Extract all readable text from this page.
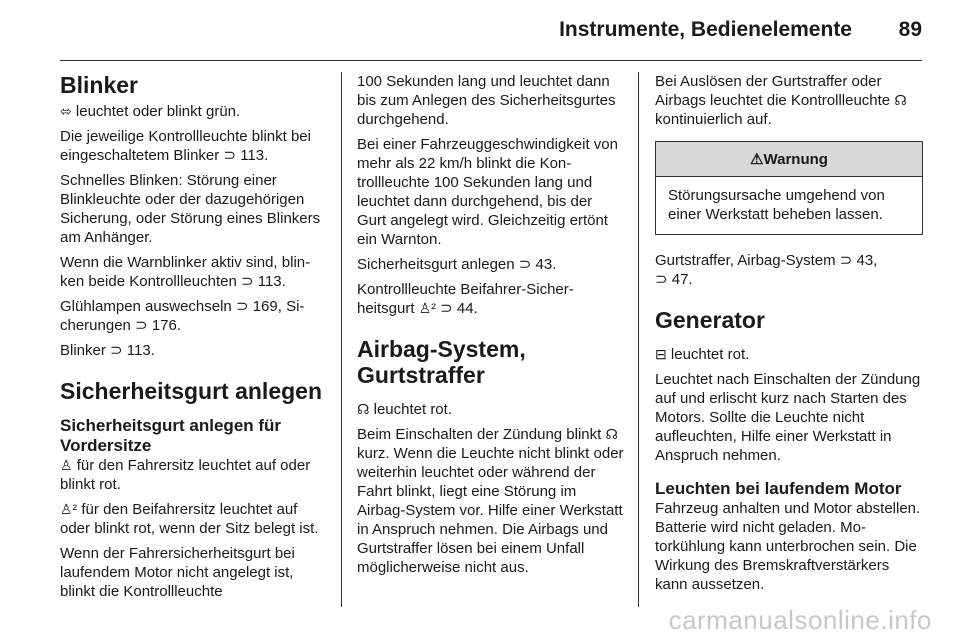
Instrumente, Bedienelemente 89
Blinker

⬄ leuchtet oder blinkt grün.

Die jeweilige Kontrollleuchte blinkt bei eingeschaltetem Blinker ⊃ 113.

Schnelles Blinken: Störung einer Blinkleuchte oder der dazugehörigen Sicherung, oder Störung eines Blinkers am Anhänger.

Wenn die Warnblinker aktiv sind, blinken beide Kontrollleuchten ⊃ 113.

Glühlampen auswechseln ⊃ 169, Sicherungen ⊃ 176.

Blinker ⊃ 113.

Sicherheitsgurt anlegen
Sicherheitsgurt anlegen für Vordersitze

♙ für den Fahrersitz leuchtet auf oder blinkt rot.

♙² für den Beifahrersitz leuchtet auf oder blinkt rot, wenn der Sitz belegt ist.

Wenn der Fahrersicherheitsgurt bei laufendem Motor nicht angelegt ist, blinkt die Kontrollleuchte

100 Sekunden lang und leuchtet dann bis zum Anlegen des Sicherheitsgurtes durchgehend.

Bei einer Fahrzeuggeschwindigkeit von mehr als 22 km/h blinkt die Kontrollleuchte 100 Sekunden lang und leuchtet dann durchgehend, bis der Gurt angelegt wird. Gleichzeitig ertönt ein Warnton.

Sicherheitsgurt anlegen ⊃ 43.

Kontrollleuchte Beifahrer-Sicherheitsgurt ♙² ⊃ 44.

Airbag-System, Gurtstraffer

☊ leuchtet rot.

Beim Einschalten der Zündung blinkt ☊ kurz. Wenn die Leuchte nicht blinkt oder weiterhin leuchtet oder während der Fahrt blinkt, liegt eine Störung im Airbag-System vor. Hilfe einer Werkstatt in Anspruch nehmen. Die Airbags und Gurtstraffer lösen bei einem Unfall möglicherweise nicht aus.

Bei Auslösen der Gurtstraffer oder Airbags leuchtet die Kontrollleuchte ☊ kontinuierlich auf.

⚠Warnung
Störungsursache umgehend von einer Werkstatt beheben lassen.

Gurtstraffer, Airbag-System ⊃ 43,
⊃ 47.

Generator

⊟ leuchtet rot.

Leuchtet nach Einschalten der Zündung auf und erlischt kurz nach Starten des Motors. Sollte die Leuchte nicht aufleuchten, Hilfe einer Werkstatt in Anspruch nehmen.

Leuchten bei laufendem Motor

Fahrzeug anhalten und Motor abstellen. Batterie wird nicht geladen. Motorkühlung kann unterbrochen sein. Die Wirkung des Bremskraftverstärkers kann aussetzen.

carmanualsonline.info
